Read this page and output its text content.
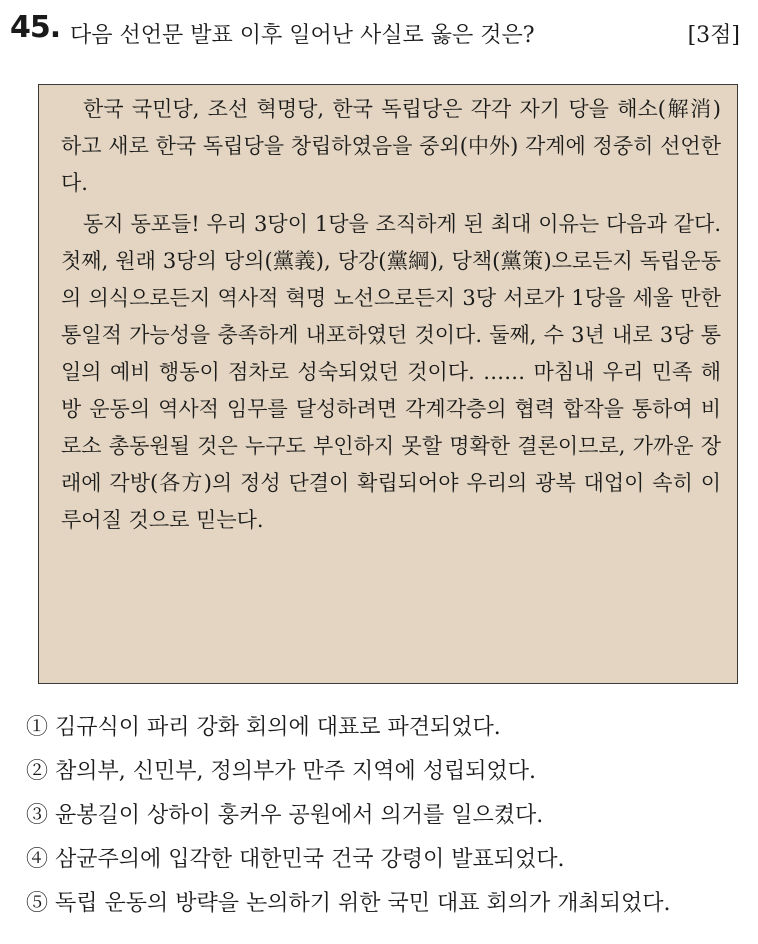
45. 다음 선언문 발표 이후 일어난 사실로 옳은 것은?	[3점]

한국 국민당, 조선 혁명당, 한국 독립당은 각각 자기 당을 해소(解消)하고 새로 한국 독립당을 창립하였음을 중외(中外) 각계에 정중히 선언한다.

동지 동포들! 우리 3당이 1당을 조직하게 된 최대 이유는 다음과 같다. 첫째, 원래 3당의 당의(黨義), 당강(黨綱), 당책(黨策)으로든지 독립운동의 의식으로든지 역사적 혁명 노선으로든지 3당 서로가 1당을 세울 만한 통일적 가능성을 충족하게 내포하였던 것이다. 둘째, 수 3년 내로 3당 통일의 예비 행동이 점차로 성숙되었던 것이다. …… 마침내 우리 민족 해방 운동의 역사적 임무를 달성하려면 각계각층의 협력 합작을 통하여 비로소 총동원될 것은 누구도 부인하지 못할 명확한 결론이므로, 가까운 장래에 각방(各方)의 정성 단결이 확립되어야 우리의 광복 대업이 속히 이루어질 것으로 믿는다.

① 김규식이 파리 강화 회의에 대표로 파견되었다.
② 참의부, 신민부, 정의부가 만주 지역에 성립되었다.
③ 윤봉길이 상하이 훙커우 공원에서 의거를 일으켰다.
④ 삼균주의에 입각한 대한민국 건국 강령이 발표되었다.
⑤ 독립 운동의 방략을 논의하기 위한 국민 대표 회의가 개최되었다.
